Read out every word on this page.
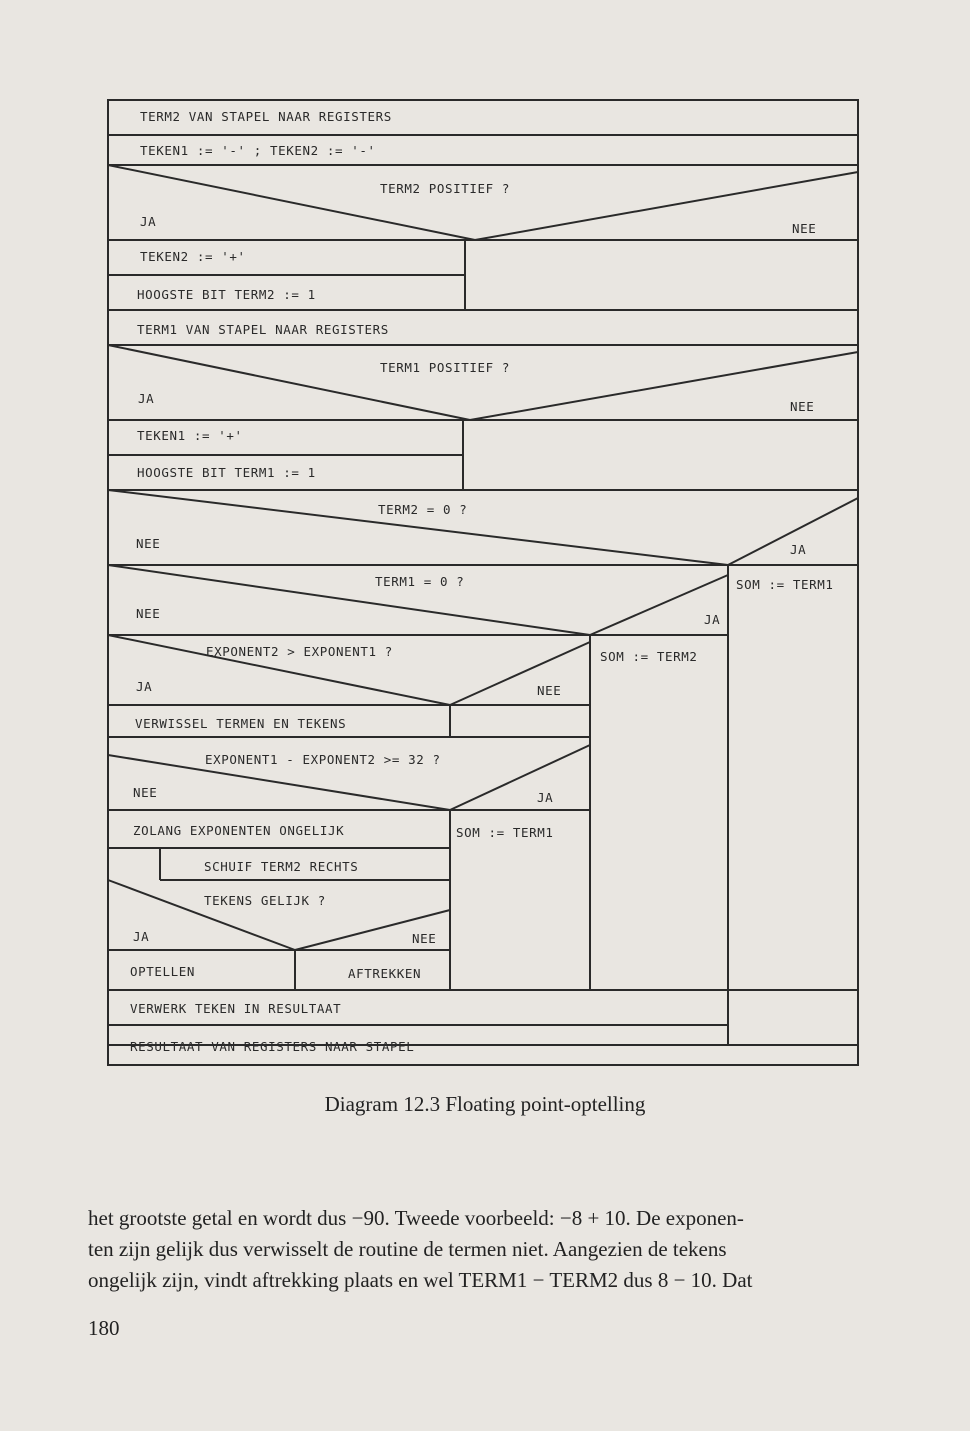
TERM2 VAN STAPEL NAAR REGISTERS
TEKEN1 := '-' ; TEKEN2 := '-'
TERM2 POSITIEF ?
JA	NEE
TEKEN2 := '+'
HOOGSTE BIT TERM2 := 1
TERM1 VAN STAPEL NAAR REGISTERS
TERM1 POSITIEF ?
JA
NEE
TEKEN1 := '+'
HOOGSTE BIT TERM1 := 1
TERM2 = 0 ?
NEE	JA
TERM1 = 0 ?	SOM := TERM1
NEE	JA
EXPONENT2 > EXPONENT1 ?	SOM := TERM2
JA	NEE
VERWISSEL TERMEN EN TEKENS
EXPONENT1 - EXPONENT2 >= 32 ?
NEE	JA
ZOLANG EXPONENTEN ONGELIJK	SOM := TERM1
SCHUIF TERM2 RECHTS
TEKENS GELIJK ?
JA	NEE
OPTELLEN	AFTREKKEN
VERWERK TEKEN IN RESULTAAT
RESULTAAT VAN REGISTERS NAAR STAPEL
Diagram 12.3 Floating point-optelling
het grootste getal en wordt dus −90. Tweede voorbeeld: −8 + 10. De exponen-
ten zijn gelijk dus verwisselt de routine de termen niet. Aangezien de tekens
ongelijk zijn, vindt aftrekking plaats en wel TERM1 − TERM2 dus 8 − 10. Dat
180
